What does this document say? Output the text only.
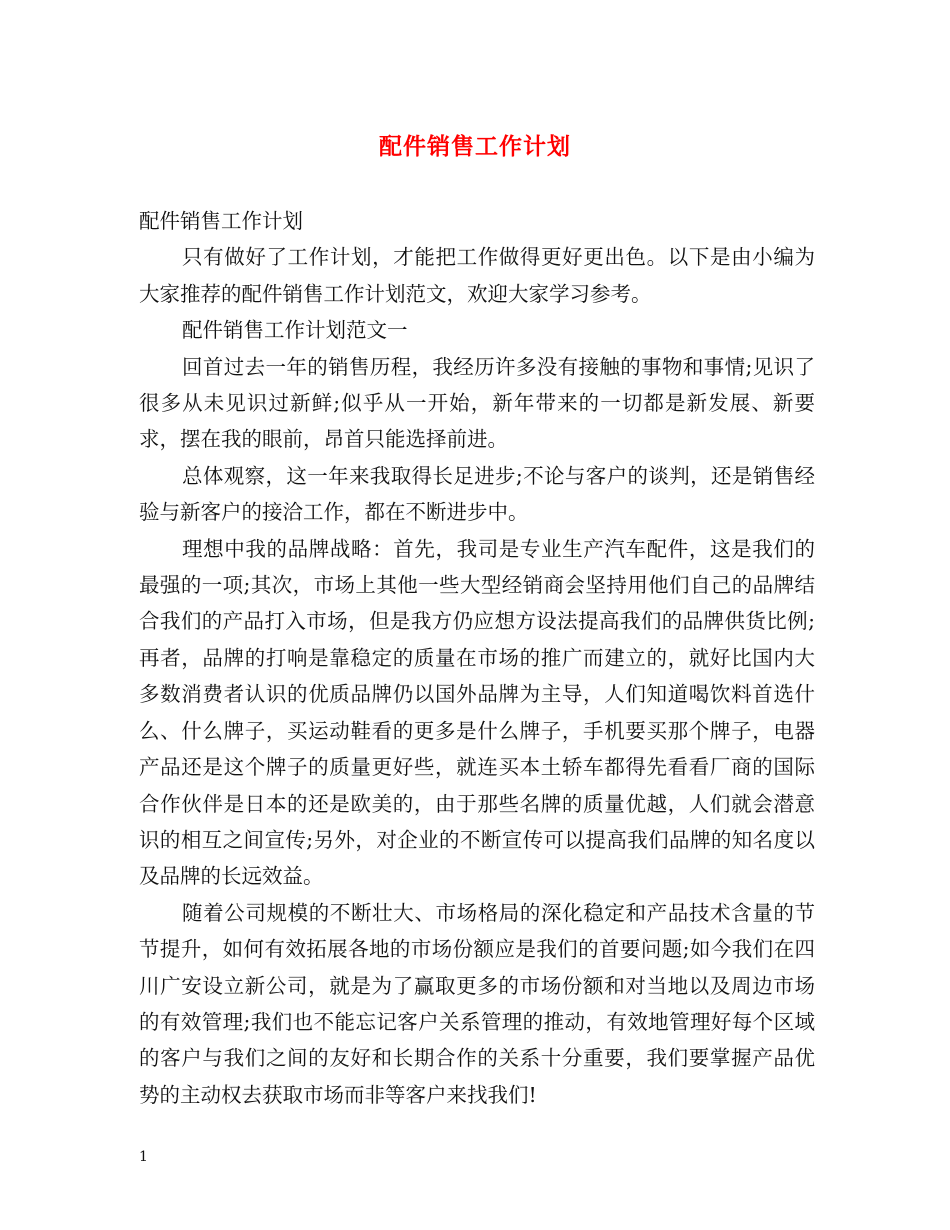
配件销售工作计划

配件销售工作计划

只有做好了工作计划，才能把工作做得更好更出色。以下是由小编为大家推荐的配件销售工作计划范文，欢迎大家学习参考。

配件销售工作计划范文一

回首过去一年的销售历程，我经历许多没有接触的事物和事情;见识了很多从未见识过新鲜;似乎从一开始，新年带来的一切都是新发展、新要求，摆在我的眼前，昂首只能选择前进。

总体观察，这一年来我取得长足进步;不论与客户的谈判，还是销售经验与新客户的接洽工作，都在不断进步中。

理想中我的品牌战略：首先，我司是专业生产汽车配件，这是我们的最强的一项;其次，市场上其他一些大型经销商会坚持用他们自己的品牌结合我们的产品打入市场，但是我方仍应想方设法提高我们的品牌供货比例;再者，品牌的打响是靠稳定的质量在市场的推广而建立的，就好比国内大多数消费者认识的优质品牌仍以国外品牌为主导，人们知道喝饮料首选什么、什么牌子，买运动鞋看的更多是什么牌子，手机要买那个牌子，电器产品还是这个牌子的质量更好些，就连买本土轿车都得先看看厂商的国际合作伙伴是日本的还是欧美的，由于那些名牌的质量优越，人们就会潜意识的相互之间宣传;另外，对企业的不断宣传可以提高我们品牌的知名度以及品牌的长远效益。

随着公司规模的不断壮大、市场格局的深化稳定和产品技术含量的节节提升，如何有效拓展各地的市场份额应是我们的首要问题;如今我们在四川广安设立新公司，就是为了赢取更多的市场份额和对当地以及周边市场的有效管理;我们也不能忘记客户关系管理的推动，有效地管理好每个区域的客户与我们之间的友好和长期合作的关系十分重要，我们要掌握产品优势的主动权去获取市场而非等客户来找我们!

1
